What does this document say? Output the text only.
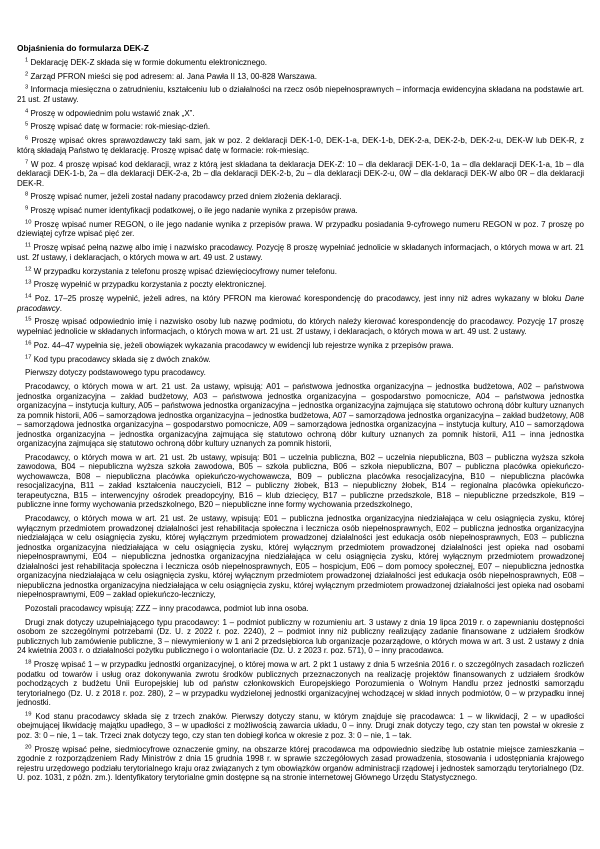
Objaśnienia do formularza DEK-Z

$^1$ Deklarację DEK-Z składa się w formie dokumentu elektronicznego.

$^2$ Zarząd PFRON mieści się pod adresem: al. Jana Pawła II 13, 00-828 Warszawa.

$^3$ Informacja miesięczna o zatrudnieniu, kształceniu lub o działalności na rzecz osób niepełnosprawnych – informacja ewidencyjna składana na podstawie art. 21 ust. 2f ustawy.

$^4$ Proszę w odpowiednim polu wstawić znak „X”.

$^5$ Proszę wpisać datę w formacie: rok-miesiąc-dzień.

$^6$ Proszę wpisać okres sprawozdawczy taki sam, jak w poz. 2 deklaracji DEK-1-0, DEK-1-a, DEK-1-b, DEK-2-a, DEK-2-b, DEK-2-u, DEK-W lub DEK-R, z którą składają Państwo tę deklarację. Proszę wpisać datę w formacie: rok-miesiąc.

$^7$ W poz. 4 proszę wpisać kod deklaracji, wraz z którą jest składana ta deklaracja DEK-Z: 10 – dla deklaracji DEK-1-0, 1a – dla deklaracji DEK-1-a, 1b – dla deklaracji DEK-1-b, 2a – dla deklaracji DEK-2-a, 2b – dla deklaracji DEK-2-b, 2u – dla deklaracji DEK-2-u, 0W – dla deklaracji DEK-W albo 0R – dla deklaracji DEK-R.

$^8$ Proszę wpisać numer, jeżeli został nadany pracodawcy przed dniem złożenia deklaracji.

$^9$ Proszę wpisać numer identyfikacji podatkowej, o ile jego nadanie wynika z przepisów prawa.

$^{10}$ Proszę wpisać numer REGON, o ile jego nadanie wynika z przepisów prawa. W przypadku posiadania 9-cyfrowego numeru REGON w poz. 7 proszę po dziewiątej cyfrze wpisać pięć zer.

$^{11}$ Proszę wpisać pełną nazwę albo imię i nazwisko pracodawcy. Pozycję 8 proszę wypełniać jednolicie w składanych informacjach, o których mowa w art. 21 ust. 2f ustawy, i deklaracjach, o których mowa w art. 49 ust. 2 ustawy.

$^{12}$ W przypadku korzystania z telefonu proszę wpisać dziewięciocyfrowy numer telefonu.

$^{13}$ Proszę wypełnić w przypadku korzystania z poczty elektronicznej.

$^{14}$ Poz. 17–25 proszę wypełnić, jeżeli adres, na który PFRON ma kierować korespondencję do pracodawcy, jest inny niż adres wykazany w bloku Dane pracodawcy.

$^{15}$ Proszę wpisać odpowiednio imię i nazwisko osoby lub nazwę podmiotu, do których należy kierować korespondencję do pracodawcy. Pozycję 17 proszę wypełniać jednolicie w składanych informacjach, o których mowa w art. 21 ust. 2f ustawy, i deklaracjach, o których mowa w art. 49 ust. 2 ustawy.

$^{16}$ Poz. 44–47 wypełnia się, jeżeli obowiązek wykazania pracodawcy w ewidencji lub rejestrze wynika z przepisów prawa.

$^{17}$ Kod typu pracodawcy składa się z dwóch znaków.

Pierwszy dotyczy podstawowego typu pracodawcy.

Pracodawcy, o których mowa w art. 21 ust. 2a ustawy, wpisują: A01 – państwowa jednostka organizacyjna – jednostka budżetowa, A02 – państwowa jednostka organizacyjna – zakład budżetowy, A03 – państwowa jednostka organizacyjna – gospodarstwo pomocnicze, A04 – państwowa jednostka organizacyjna – instytucja kultury, A05 – państwowa jednostka organizacyjna – jednostka organizacyjna zajmująca się statutowo ochroną dóbr kultury uznanych za pomnik historii, A06 – samorządowa jednostka organizacyjna – jednostka budżetowa, A07 – samorządowa jednostka organizacyjna – zakład budżetowy, A08 – samorządowa jednostka organizacyjna – gospodarstwo pomocnicze, A09 – samorządowa jednostka organizacyjna – instytucja kultury, A10 – samorządowa jednostka organizacyjna – jednostka organizacyjna zajmująca się statutowo ochroną dóbr kultury uznanych za pomnik historii, A11 – inna jednostka organizacyjna zajmująca się statutowo ochroną dóbr kultury uznanych za pomnik historii,

Pracodawcy, o których mowa w art. 21 ust. 2b ustawy, wpisują: B01 – uczelnia publiczna, B02 – uczelnia niepubliczna, B03 – publiczna wyższa szkoła zawodowa, B04 – niepubliczna wyższa szkoła zawodowa, B05 – szkoła publiczna, B06 – szkoła niepubliczna, B07 – publiczna placówka opiekuńczo-wychowawcza, B08 – niepubliczna placówka opiekuńczo-wychowawcza, B09 – publiczna placówka resocjalizacyjna, B10 – niepubliczna placówka resocjalizacyjna, B11 – zakład kształcenia nauczycieli, B12 – publiczny żłobek, B13 – niepubliczny żłobek, B14 – regionalna placówka opiekuńczo-terapeutyczna, B15 – interwencyjny ośrodek preadopcyjny, B16 – klub dziecięcy, B17 – publiczne przedszkole, B18 – niepubliczne przedszkole, B19 – publiczne inne formy wychowania przedszkolnego, B20 – niepubliczne inne formy wychowania przedszkolnego,

Pracodawcy, o których mowa w art. 21 ust. 2e ustawy, wpisują: E01 – publiczna jednostka organizacyjna niedziałająca w celu osiągnięcia zysku, której wyłącznym przedmiotem prowadzonej działalności jest rehabilitacja społeczna i lecznicza osób niepełnosprawnych, E02 – publiczna jednostka organizacyjna niedziałająca w celu osiągnięcia zysku, której wyłącznym przedmiotem prowadzonej działalności jest edukacja osób niepełnosprawnych, E03 – publiczna jednostka organizacyjna niedziałająca w celu osiągnięcia zysku, której wyłącznym przedmiotem prowadzonej działalności jest opieka nad osobami niepełnosprawnymi, E04 – niepubliczna jednostka organizacyjna niedziałająca w celu osiągnięcia zysku, której wyłącznym przedmiotem prowadzonej działalności jest rehabilitacja społeczna i lecznicza osób niepełnosprawnych, E05 – hospicjum, E06 – dom pomocy społecznej, E07 – niepubliczna jednostka organizacyjna niedziałająca w celu osiągnięcia zysku, której wyłącznym przedmiotem prowadzonej działalności jest edukacja osób niepełnosprawnych, E08 – niepubliczna jednostka organizacyjna niedziałająca w celu osiągnięcia zysku, której wyłącznym przedmiotem prowadzonej działalności jest opieka nad osobami niepełnosprawnymi, E09 – zakład opiekuńczo-leczniczy,

Pozostali pracodawcy wpisują: ZZZ – inny pracodawca, podmiot lub inna osoba.

Drugi znak dotyczy uzupełniającego typu pracodawcy: 1 – podmiot publiczny w rozumieniu art. 3 ustawy z dnia 19 lipca 2019 r. o zapewnianiu dostępności osobom ze szczególnymi potrzebami (Dz. U. z 2022 r. poz. 2240), 2 – podmiot inny niż publiczny realizujący zadanie finansowane z udziałem środków publicznych lub zamówienie publiczne, 3 – niewymieniony w 1 ani 2 przedsiębiorca lub organizacje pozarządowe, o których mowa w art. 3 ust. 2 ustawy z dnia 24 kwietnia 2003 r. o działalności pożytku publicznego i o wolontariacie (Dz. U. z 2023 r. poz. 571), 0 – inny pracodawca.

$^{18}$ Proszę wpisać 1 – w przypadku jednostki organizacyjnej, o której mowa w art. 2 pkt 1 ustawy z dnia 5 września 2016 r. o szczególnych zasadach rozliczeń podatku od towarów i usług oraz dokonywania zwrotu środków publicznych przeznaczonych na realizację projektów finansowanych z udziałem środków pochodzących z budżetu Unii Europejskiej lub od państw członkowskich Europejskiego Porozumienia o Wolnym Handlu przez jednostki samorządu terytorialnego (Dz. U. z 2018 r. poz. 280), 2 – w przypadku wydzielonej jednostki organizacyjnej wchodzącej w skład innych podmiotów, 0 – w przypadku innej jednostki.

$^{19}$ Kod stanu pracodawcy składa się z trzech znaków. Pierwszy dotyczy stanu, w którym znajduje się pracodawca: 1 – w likwidacji, 2 – w upadłości obejmującej likwidację majątku upadłego, 3 – w upadłości z możliwością zawarcia układu, 0 – inny. Drugi znak dotyczy tego, czy stan ten powstał w okresie z poz. 3: 0 – nie, 1 – tak. Trzeci znak dotyczy tego, czy stan ten dobiegł końca w okresie z poz. 3: 0 – nie, 1 – tak.

$^{20}$ Proszę wpisać pełne, siedmiocyfrowe oznaczenie gminy, na obszarze której pracodawca ma odpowiednio siedzibę lub ostatnie miejsce zamieszkania – zgodnie z rozporządzeniem Rady Ministrów z dnia 15 grudnia 1998 r. w sprawie szczegółowych zasad prowadzenia, stosowania i udostępniania krajowego rejestru urzędowego podziału terytorialnego kraju oraz związanych z tym obowiązków organów administracji rządowej i jednostek samorządu terytorialnego (Dz. U. poz. 1031, z późn. zm.). Identyfikatory terytorialne gmin dostępne są na stronie internetowej Głównego Urzędu Statystycznego.
